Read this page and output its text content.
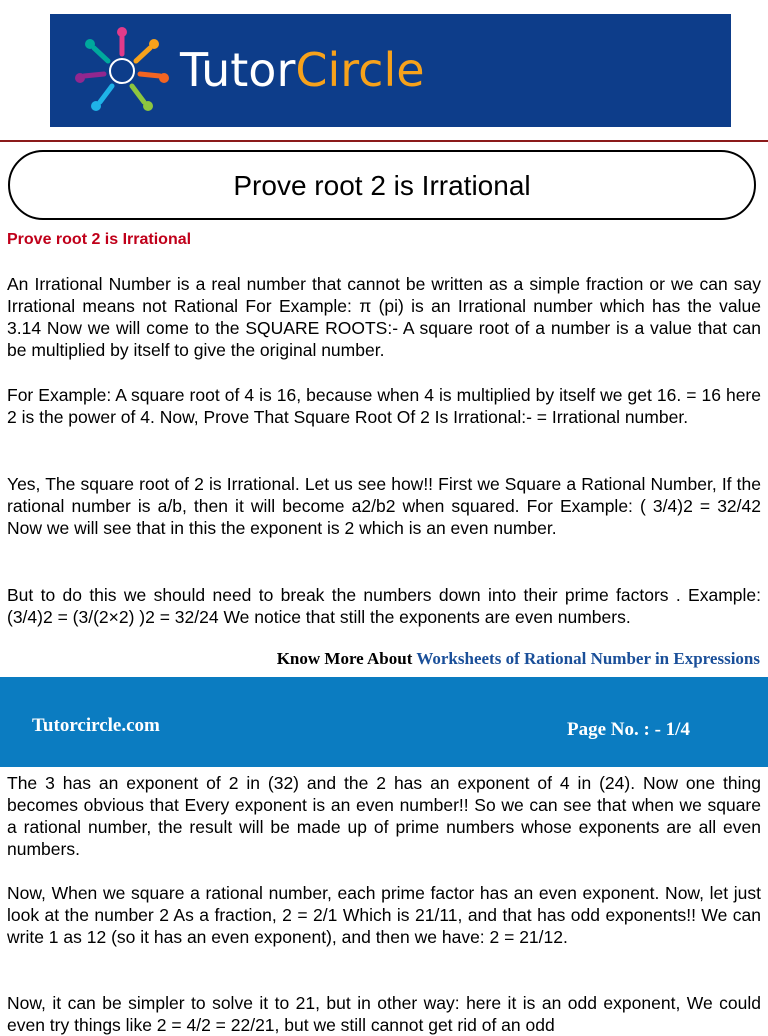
TutorCircle
Prove root 2 is Irrational
Prove root 2 is Irrational
An Irrational Number is a real number that cannot be written as a simple fraction or we can say Irrational means not Rational For Example: π (pi) is an Irrational number which has the value 3.14 Now we will come to the SQUARE ROOTS:- A square root of a number is a value that can be multiplied by itself to give the original number.
For Example: A square root of 4 is 16, because when 4 is multiplied by itself we get 16. = 16 here 2 is the power of 4. Now, Prove That Square Root Of 2 Is Irrational:- = Irrational number.
Yes, The square root of 2 is Irrational. Let us see how!! First we Square a Rational Number, If the rational number is a/b, then it will become a2/b2 when squared. For Example: ( 3/4)2 = 32/42 Now we will see that in this the exponent is 2 which is an even number.
But to do this we should need to break the numbers down into their prime factors . Example: (3/4)2 = (3/(2×2) )2 = 32/24 We notice that still the exponents are even numbers.
Know More About Worksheets of Rational Number in Expressions
Tutorcircle.com	Page No. : - 1/4
The 3 has an exponent of 2 in (32) and the 2 has an exponent of 4 in (24). Now one thing becomes obvious that Every exponent is an even number!! So we can see that when we square a rational number, the result will be made up of prime numbers whose exponents are all even numbers.
Now, When we square a rational number, each prime factor has an even exponent. Now, let just look at the number 2 As a fraction, 2 = 2/1 Which is 21/11, and that has odd exponents!! We can write 1 as 12 (so it has an even exponent), and then we have: 2 = 21/12.
Now, it can be simpler to solve it to 21, but in other way: here it is an odd exponent, We could even try things like 2 = 4/2 = 22/21, but we still cannot get rid of an odd
